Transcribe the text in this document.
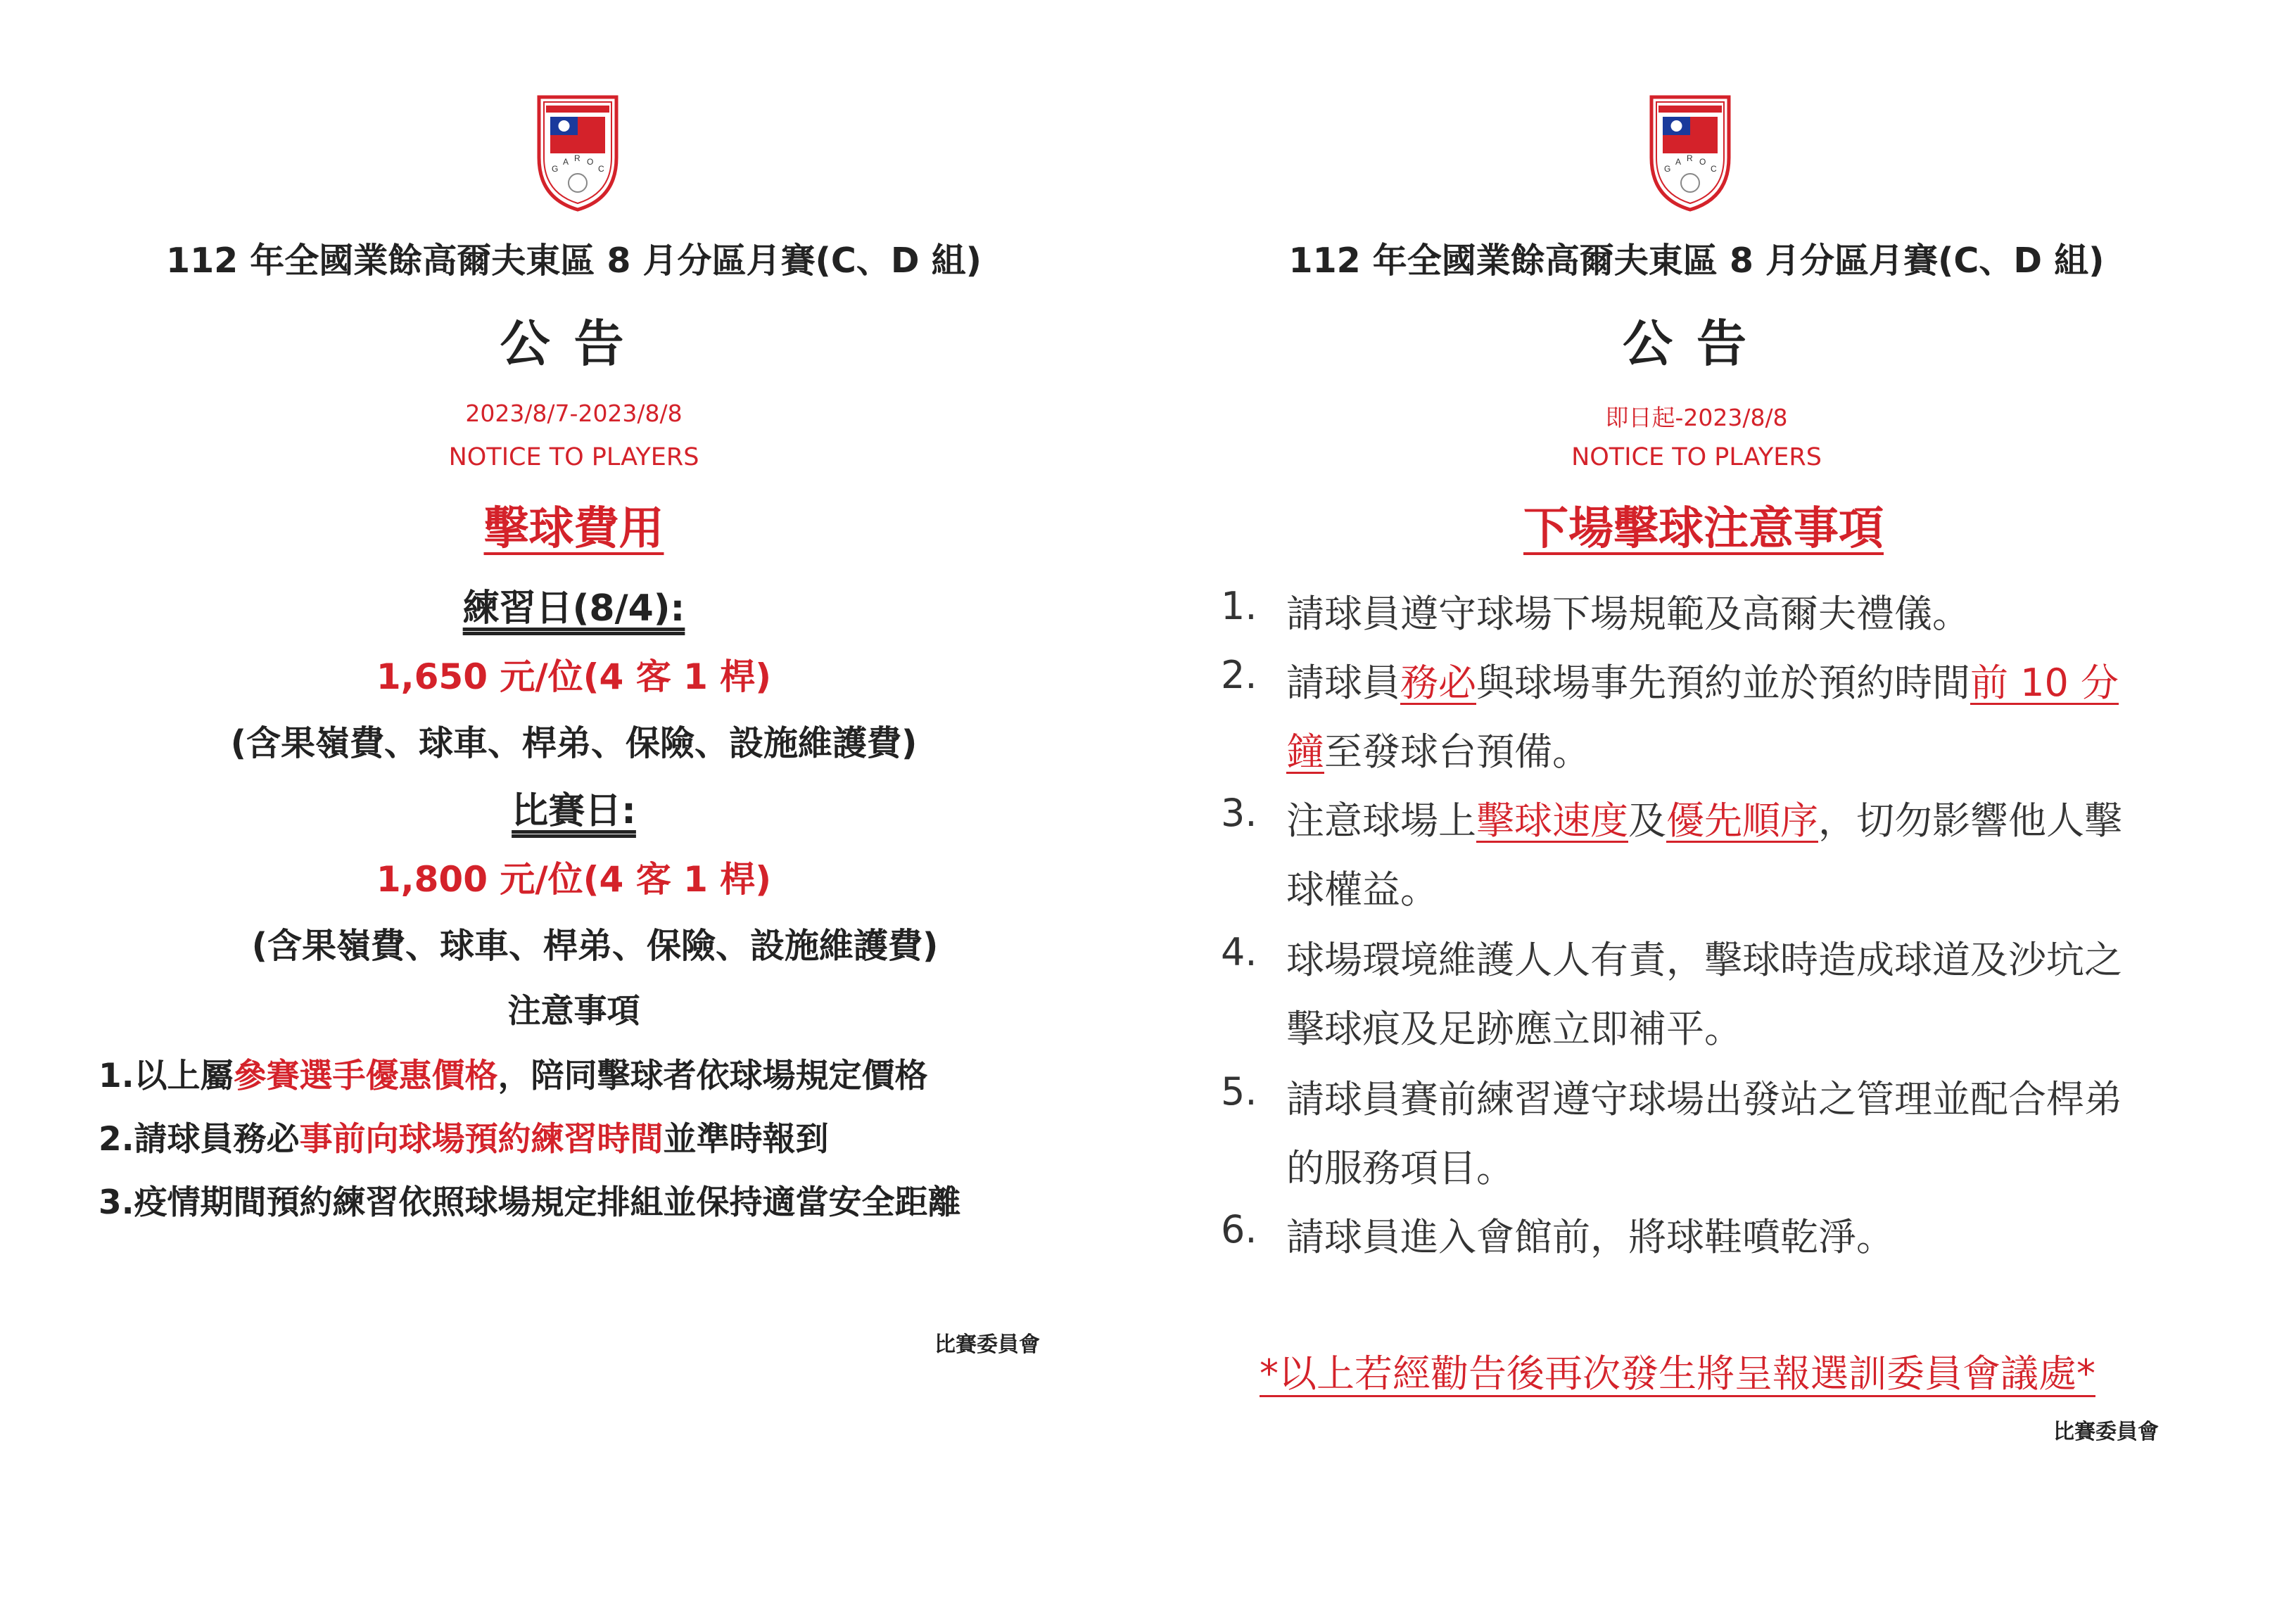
G
A R O
C
112 年全國業餘高爾夫東區 8 月分區月賽(C、D 組)
公告
2023/8/7-2023/8/8
NOTICE TO PLAYERS
擊球費用
練習日(8/4):
1,650 元/位(4 客 1 桿)
(含果嶺費、球車、桿弟、保險、設施維護費)
比賽日:
1,800 元/位(4 客 1 桿)
(含果嶺費、球車、桿弟、保險、設施維護費)
注意事項
1.以上屬參賽選手優惠價格，陪同擊球者依球場規定價格
2.請球員務必事前向球場預約練習時間並準時報到
3.疫情期間預約練習依照球場規定排組並保持適當安全距離
比賽委員會
G
A R O
C
112 年全國業餘高爾夫東區 8 月分區月賽(C、D 組)
公告
即日起-2023/8/8
NOTICE TO PLAYERS
下場擊球注意事項
1. 請球員遵守球場下場規範及高爾夫禮儀。
2. 請球員務必與球場事先預約並於預約時間前 10 分
鐘至發球台預備。
3. 注意球場上擊球速度及優先順序，切勿影響他人擊
球權益。
4. 球場環境維護人人有責，擊球時造成球道及沙坑之
擊球痕及足跡應立即補平。
5. 請球員賽前練習遵守球場出發站之管理並配合桿弟
的服務項目。
6. 請球員進入會館前，將球鞋噴乾淨。
*以上若經勸告後再次發生將呈報選訓委員會議處*
比賽委員會
